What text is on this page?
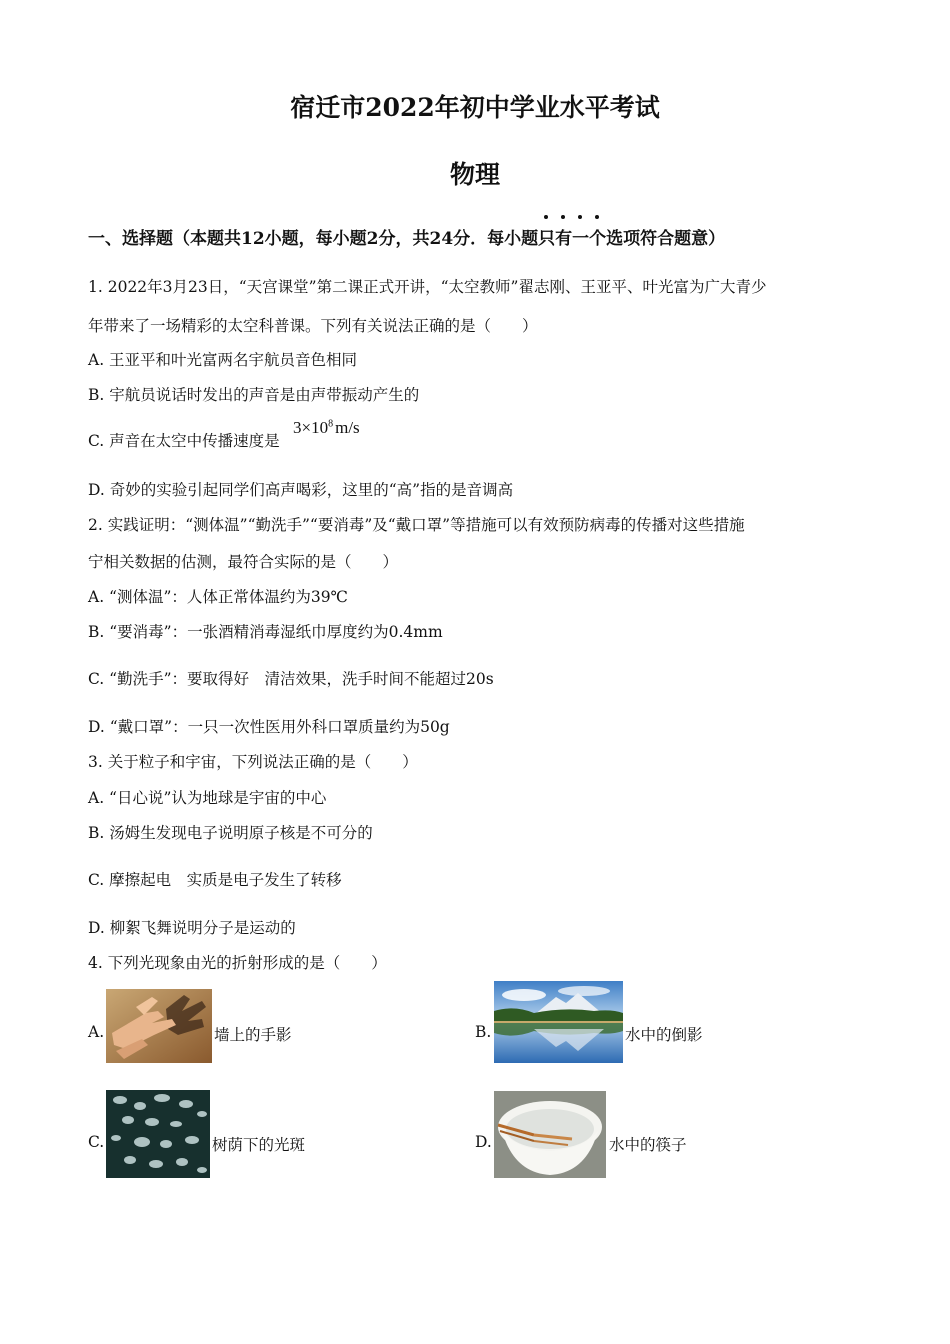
宿迁市2022年初中学业水平考试
物理
一、选择题（本题共12小题，每小题2分，共24分．每小题只有一个
选项符合题意）
1. 2022年3月23日，“天宫课堂”第二课正式开讲，“太空教师”翟志刚、王亚平、叶光富为广大青少
年带来了一场精彩的太空科普课。下列有关说法正确的是（　　）
A. 王亚平和叶光富两名宇航员音色相同
B. 宇航员说话时发出的声音是由声带振动产生的
C. 声音在太空中传播速度是
$3\times 10^8$ m/s
D. 奇妙的实验引起同学们高声喝彩，这里的“高”指的是音调高
2. 实践证明：“测体温”“勤洗手”“要消毒”及“戴口罩”等措施可以有效预防病毒的传播对这些措施
宁相关数据的估测，最符合实际的是（　　）
A. “测体温”：人体正常体温约为39℃
B. “要消毒”：一张酒精消毒湿纸巾厚度约为0.4mm
C. “勤洗手”：要取得好　清洁效果，洗手时间不能超过20s
D. “戴口罩”：一只一次性医用外科口罩质量约为50g
3. 关于粒子和宇宙，下列说法正确的是（　　）
A. “日心说”认为地球是宇宙的中心
B. 汤姆生发现电子说明原子核是不可分的
C. 摩擦起电　实质是电子发生了转移
D. 柳絮飞舞说明分子是运动的
4. 下列光现象由光的折射形成的是（　　）
A.	墙上的手影	B.	水中的倒影
C.	树荫下的光斑	D.	水中的筷子
